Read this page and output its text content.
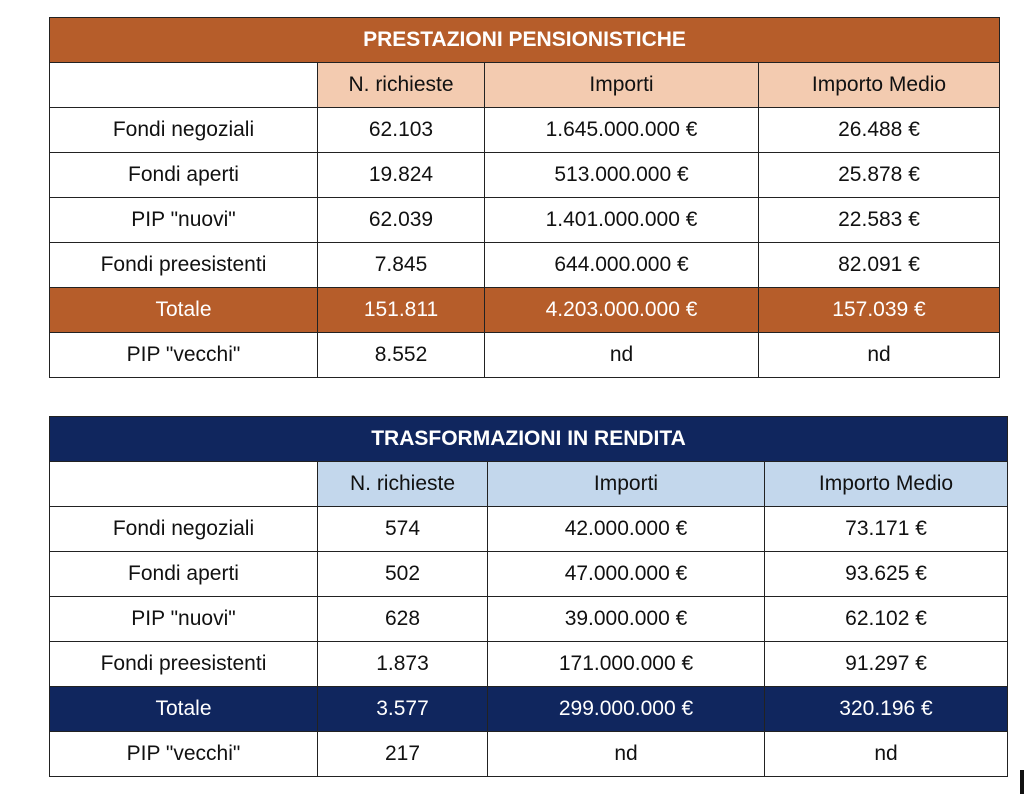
PRESTAZIONI PENSIONISTICHE			
	N. richieste	Importi	Importo Medio
Fondi negoziali	62.103	1.645.000.000 €	26.488 €
Fondi aperti	19.824	513.000.000 €	25.878 €
PIP "nuovi"	62.039	1.401.000.000 €	22.583 €
Fondi preesistenti	7.845	644.000.000 €	82.091 €
Totale	151.811	4.203.000.000 €	157.039 €
PIP "vecchi"	8.552	nd	nd
TRASFORMAZIONI IN RENDITA			
	N. richieste	Importi	Importo Medio
Fondi negoziali	574	42.000.000 €	73.171 €
Fondi aperti	502	47.000.000 €	93.625 €
PIP "nuovi"	628	39.000.000 €	62.102 €
Fondi preesistenti	1.873	171.000.000 €	91.297 €
Totale	3.577	299.000.000 €	320.196 €
PIP "vecchi"	217	nd	nd
